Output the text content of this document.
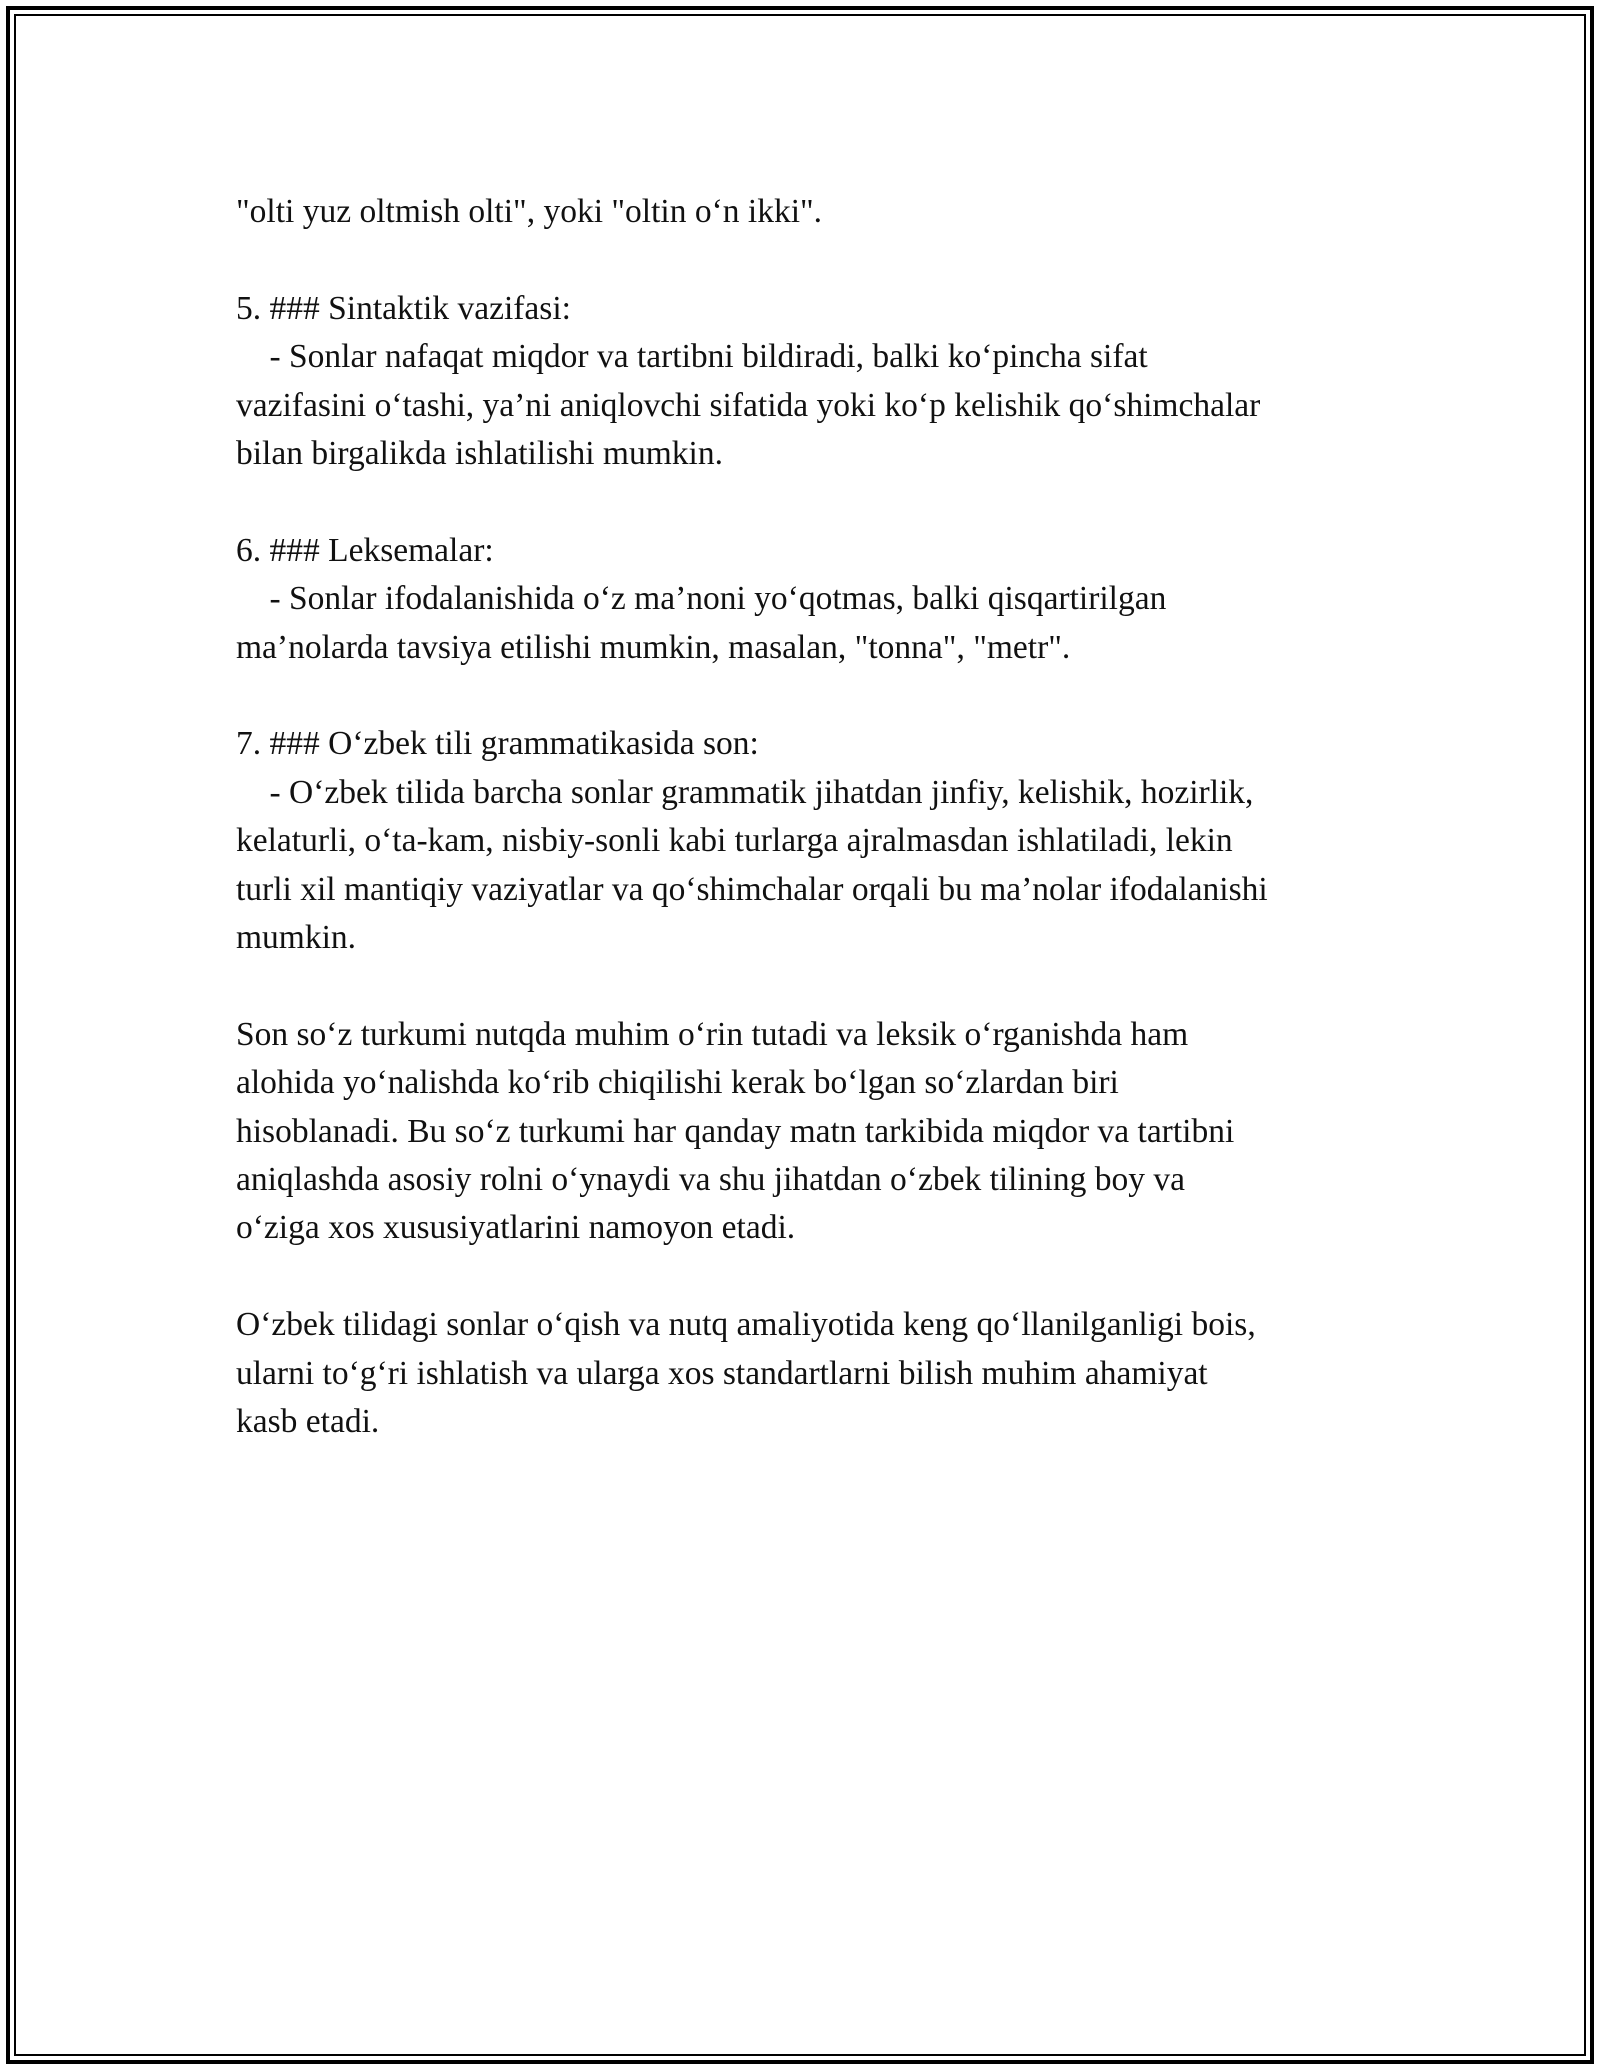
"olti yuz oltmish olti", yoki "oltin o‘n ikki".

5. ### Sintaktik vazifasi:

- Sonlar nafaqat miqdor va tartibni bildiradi, balki ko‘pincha sifat

vazifasini o‘tashi, ya’ni aniqlovchi sifatida yoki ko‘p kelishik qo‘shimchalar

bilan birgalikda ishlatilishi mumkin.

6. ### Leksemalar:

- Sonlar ifodalanishida o‘z ma’noni yo‘qotmas, balki qisqartirilgan

ma’nolarda tavsiya etilishi mumkin, masalan, "tonna", "metr".

7. ### O‘zbek tili grammatikasida son:

- O‘zbek tilida barcha sonlar grammatik jihatdan jinfiy, kelishik, hozirlik,

kelaturli, o‘ta-kam, nisbiy-sonli kabi turlarga ajralmasdan ishlatiladi, lekin

turli xil mantiqiy vaziyatlar va qo‘shimchalar orqali bu ma’nolar ifodalanishi

mumkin.

Son so‘z turkumi nutqda muhim o‘rin tutadi va leksik o‘rganishda ham

alohida yo‘nalishda ko‘rib chiqilishi kerak bo‘lgan so‘zlardan biri

hisoblanadi. Bu so‘z turkumi har qanday matn tarkibida miqdor va tartibni

aniqlashda asosiy rolni o‘ynaydi va shu jihatdan o‘zbek tilining boy va

o‘ziga xos xususiyatlarini namoyon etadi.

O‘zbek tilidagi sonlar o‘qish va nutq amaliyotida keng qo‘llanilganligi bois,

ularni to‘g‘ri ishlatish va ularga xos standartlarni bilish muhim ahamiyat

kasb etadi.
